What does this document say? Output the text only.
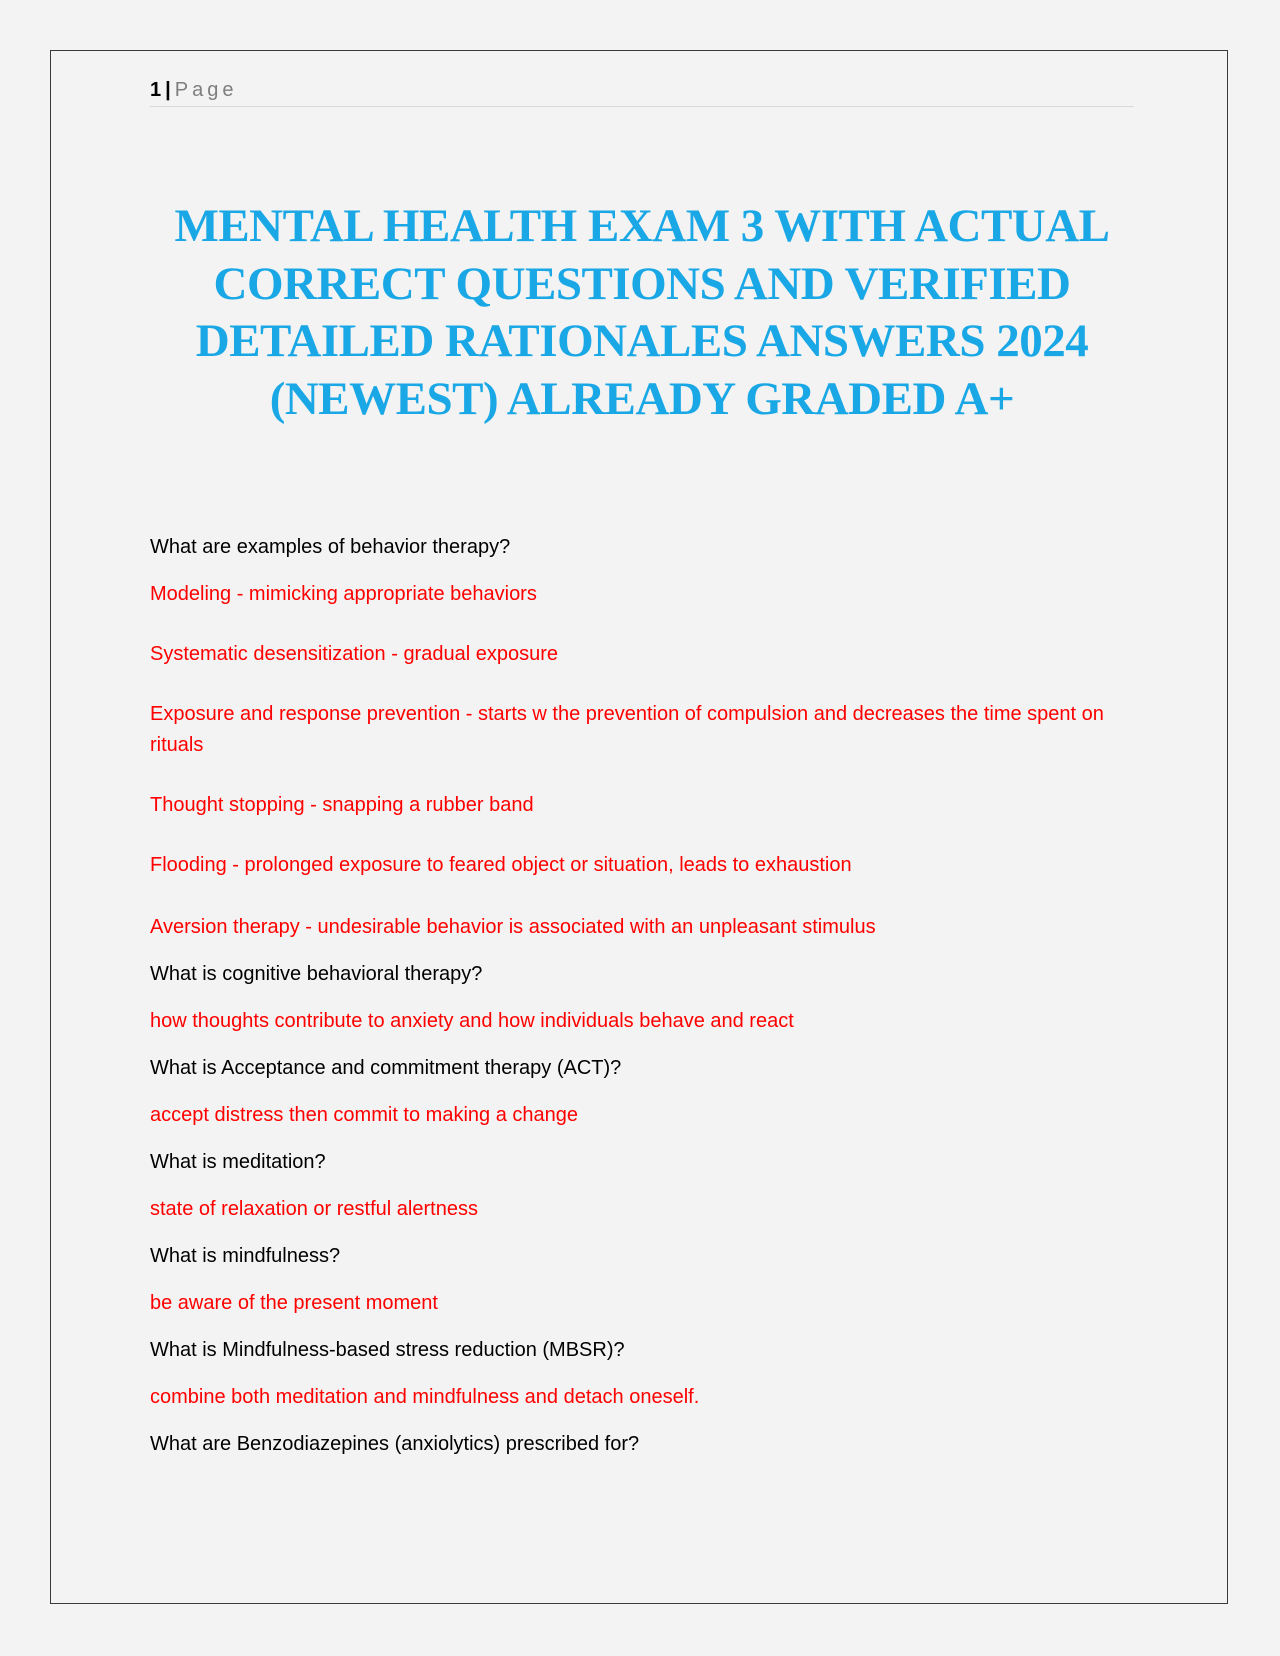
1 | Page
MENTAL HEALTH EXAM 3 WITH ACTUAL CORRECT QUESTIONS AND VERIFIED DETAILED RATIONALES ANSWERS 2024 (NEWEST) ALREADY GRADED A+

What are examples of behavior therapy?

Modeling - mimicking appropriate behaviors

Systematic desensitization - gradual exposure

Exposure and response prevention - starts w the prevention of compulsion and decreases the time spent on rituals

Thought stopping - snapping a rubber band

Flooding - prolonged exposure to feared object or situation, leads to exhaustion

Aversion therapy - undesirable behavior is associated with an unpleasant stimulus

What is cognitive behavioral therapy?

how thoughts contribute to anxiety and how individuals behave and react

What is Acceptance and commitment therapy (ACT)?

accept distress then commit to making a change

What is meditation?

state of relaxation or restful alertness

What is mindfulness?

be aware of the present moment

What is Mindfulness-based stress reduction (MBSR)?

combine both meditation and mindfulness and detach oneself.

What are Benzodiazepines (anxiolytics) prescribed for?
